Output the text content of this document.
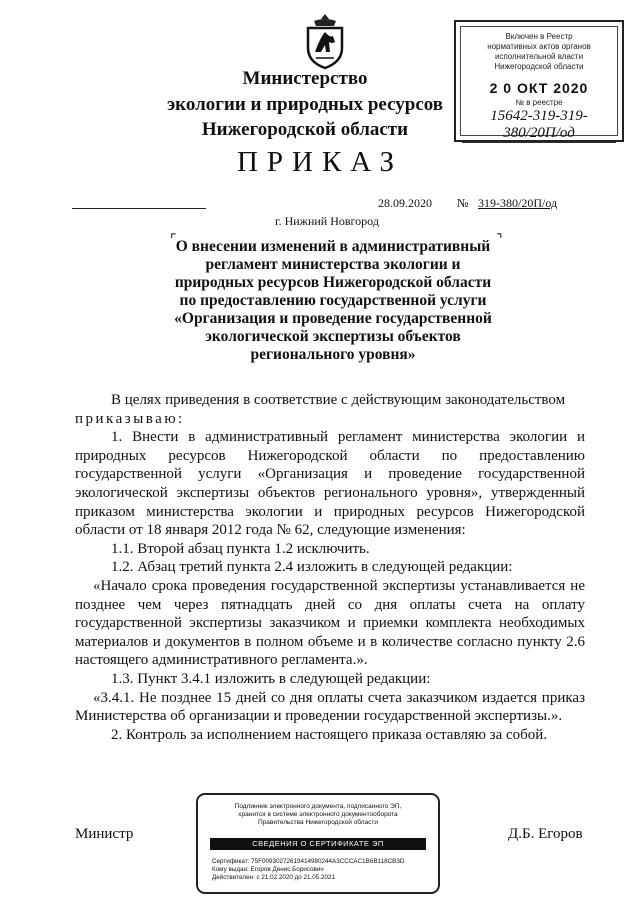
Министерство
экологии и природных ресурсов
Нижегородской области
Включен в Реестр
нормативных актов органов
исполнительной власти
Нижегородской области
2 0 ОКТ 2020
№ в реестре
15642-319-319-380/20П/од
ПРИКАЗ
28.09.2020 № 319-380/20П/од
г. Нижний Новгород
⌜	⌝
О внесении изменений в административный
регламент министерства экологии и
природных ресурсов Нижегородской области
по предоставлению государственной услуги
«Организация и проведение государственной
экологической экспертизы объектов
регионального уровня»

В целях приведения в соответствие с действующим законодательством

приказываю:

1. Внести в административный регламент министерства экологии и природных ресурсов Нижегородской области по предоставлению государственной услуги «Организация и проведение государственной экологической экспертизы объектов регионального уровня», утвержденный приказом министерства экологии и природных ресурсов Нижегородской области от 18 января 2012 года № 62, следующие изменения:

1.1. Второй абзац пункта 1.2 исключить.

1.2. Абзац третий пункта 2.4 изложить в следующей редакции:

«Начало срока проведения государственной экспертизы устанавливается не позднее чем через пятнадцать дней со дня оплаты счета на оплату государственной экспертизы заказчиком и приемки комплекта необходимых материалов и документов в полном объеме и в количестве согласно пункту 2.6 настоящего административного регламента.».

1.3. Пункт 3.4.1 изложить в следующей редакции:

«3.4.1. Не позднее 15 дней со дня оплаты счета заказчиком издается приказ Министерства об организации и проведении государственной экспертизы.».

2. Контроль за исполнением настоящего приказа оставляю за собой.

Министр	Д.Б. Егоров
Подлинник электронного документа, подписанного ЭП,
хранится в системе электронного документооборота
Правительства Нижегородской области
СВЕДЕНИЯ О СЕРТИФИКАТЕ ЭП
Сертификат: 75F00930272619414980244A3CCCAC1B6B118CB3D
Кому выдан: Егоров Денис Борисович
Действителен: с 21.02.2020 до 21.05.2021
